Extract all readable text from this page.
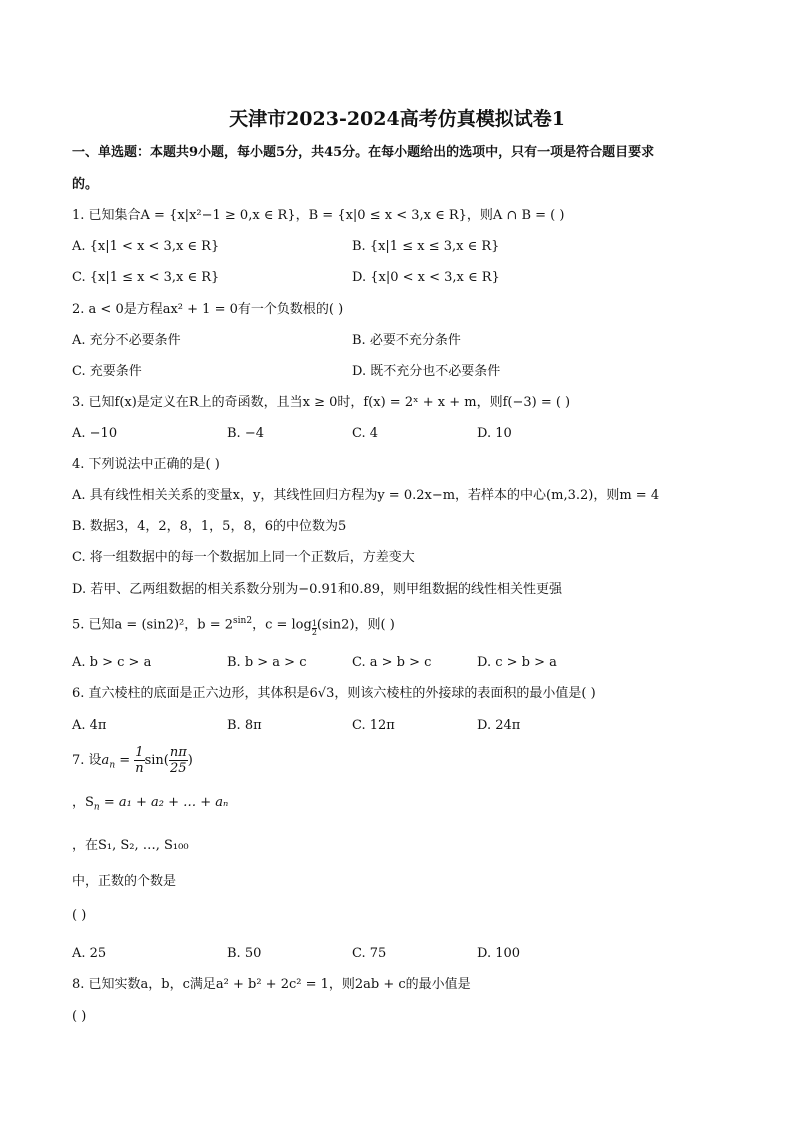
天津市2023-2024高考仿真模拟试卷1
一、单选题：本题共9小题，每小题5分，共45分。在每小题给出的选项中，只有一项是符合题目要求
的。
1. 已知集合A = {x|x²−1 ≥ 0,x ∈ R}，B = {x|0 ≤ x < 3,x ∈ R}，则A ∩ B = ( )
A. {x|1 < x < 3,x ∈ R}	B. {x|1 ≤ x ≤ 3,x ∈ R}
C. {x|1 ≤ x < 3,x ∈ R}	D. {x|0 < x < 3,x ∈ R}
2. a < 0是方程ax² + 1 = 0有一个负数根的( )
A. 充分不必要条件	B. 必要不充分条件
C. 充要条件	D. 既不充分也不必要条件
3. 已知f(x)是定义在R上的奇函数，且当x ≥ 0时，f(x) = 2ˣ + x + m，则f(−3) = ( )
A. −10	B. −4	C. 4	D. 10
4. 下列说法中正确的是( )
A. 具有线性相关关系的变量x，y，其线性回归方程为y = 0.2x−m，若样本的中心(m,3.2)，则m = 4
B. 数据3，4，2，8，1，5，8，6的中位数为5
C. 将一组数据中的每一个数据加上同一个正数后，方差变大
D. 若甲、乙两组数据的相关系数分别为−0.91和0.89，则甲组数据的线性相关性更强
5. 已知a = (sin2)²，$b = 2^{sin2}$，$c = \log \frac{1}{2} (\sin 2)$，则( )
A. b > c > a	B. b > a > c	C. a > b > c	D. c > b > a
6. 直六棱柱的底面是正六边形，其体积是6√3，则该六棱柱的外接球的表面积的最小值是( )
A. 4π	B. 8π	C. 12π	D. 24π
7. 设$a_n = \frac{1}{n} \sin( \frac{n\pi}{25}$ )
，$S_n = a_1 + a_2$ + … + aₙ
，在S₁, S₂, …, S₁₀₀
中，正数的个数是
( )
A. 25	B. 50	C. 75	D. 100
8. 已知实数a，b，c满足a² + b² + 2c² = 1，则2ab + c的最小值是
( )
